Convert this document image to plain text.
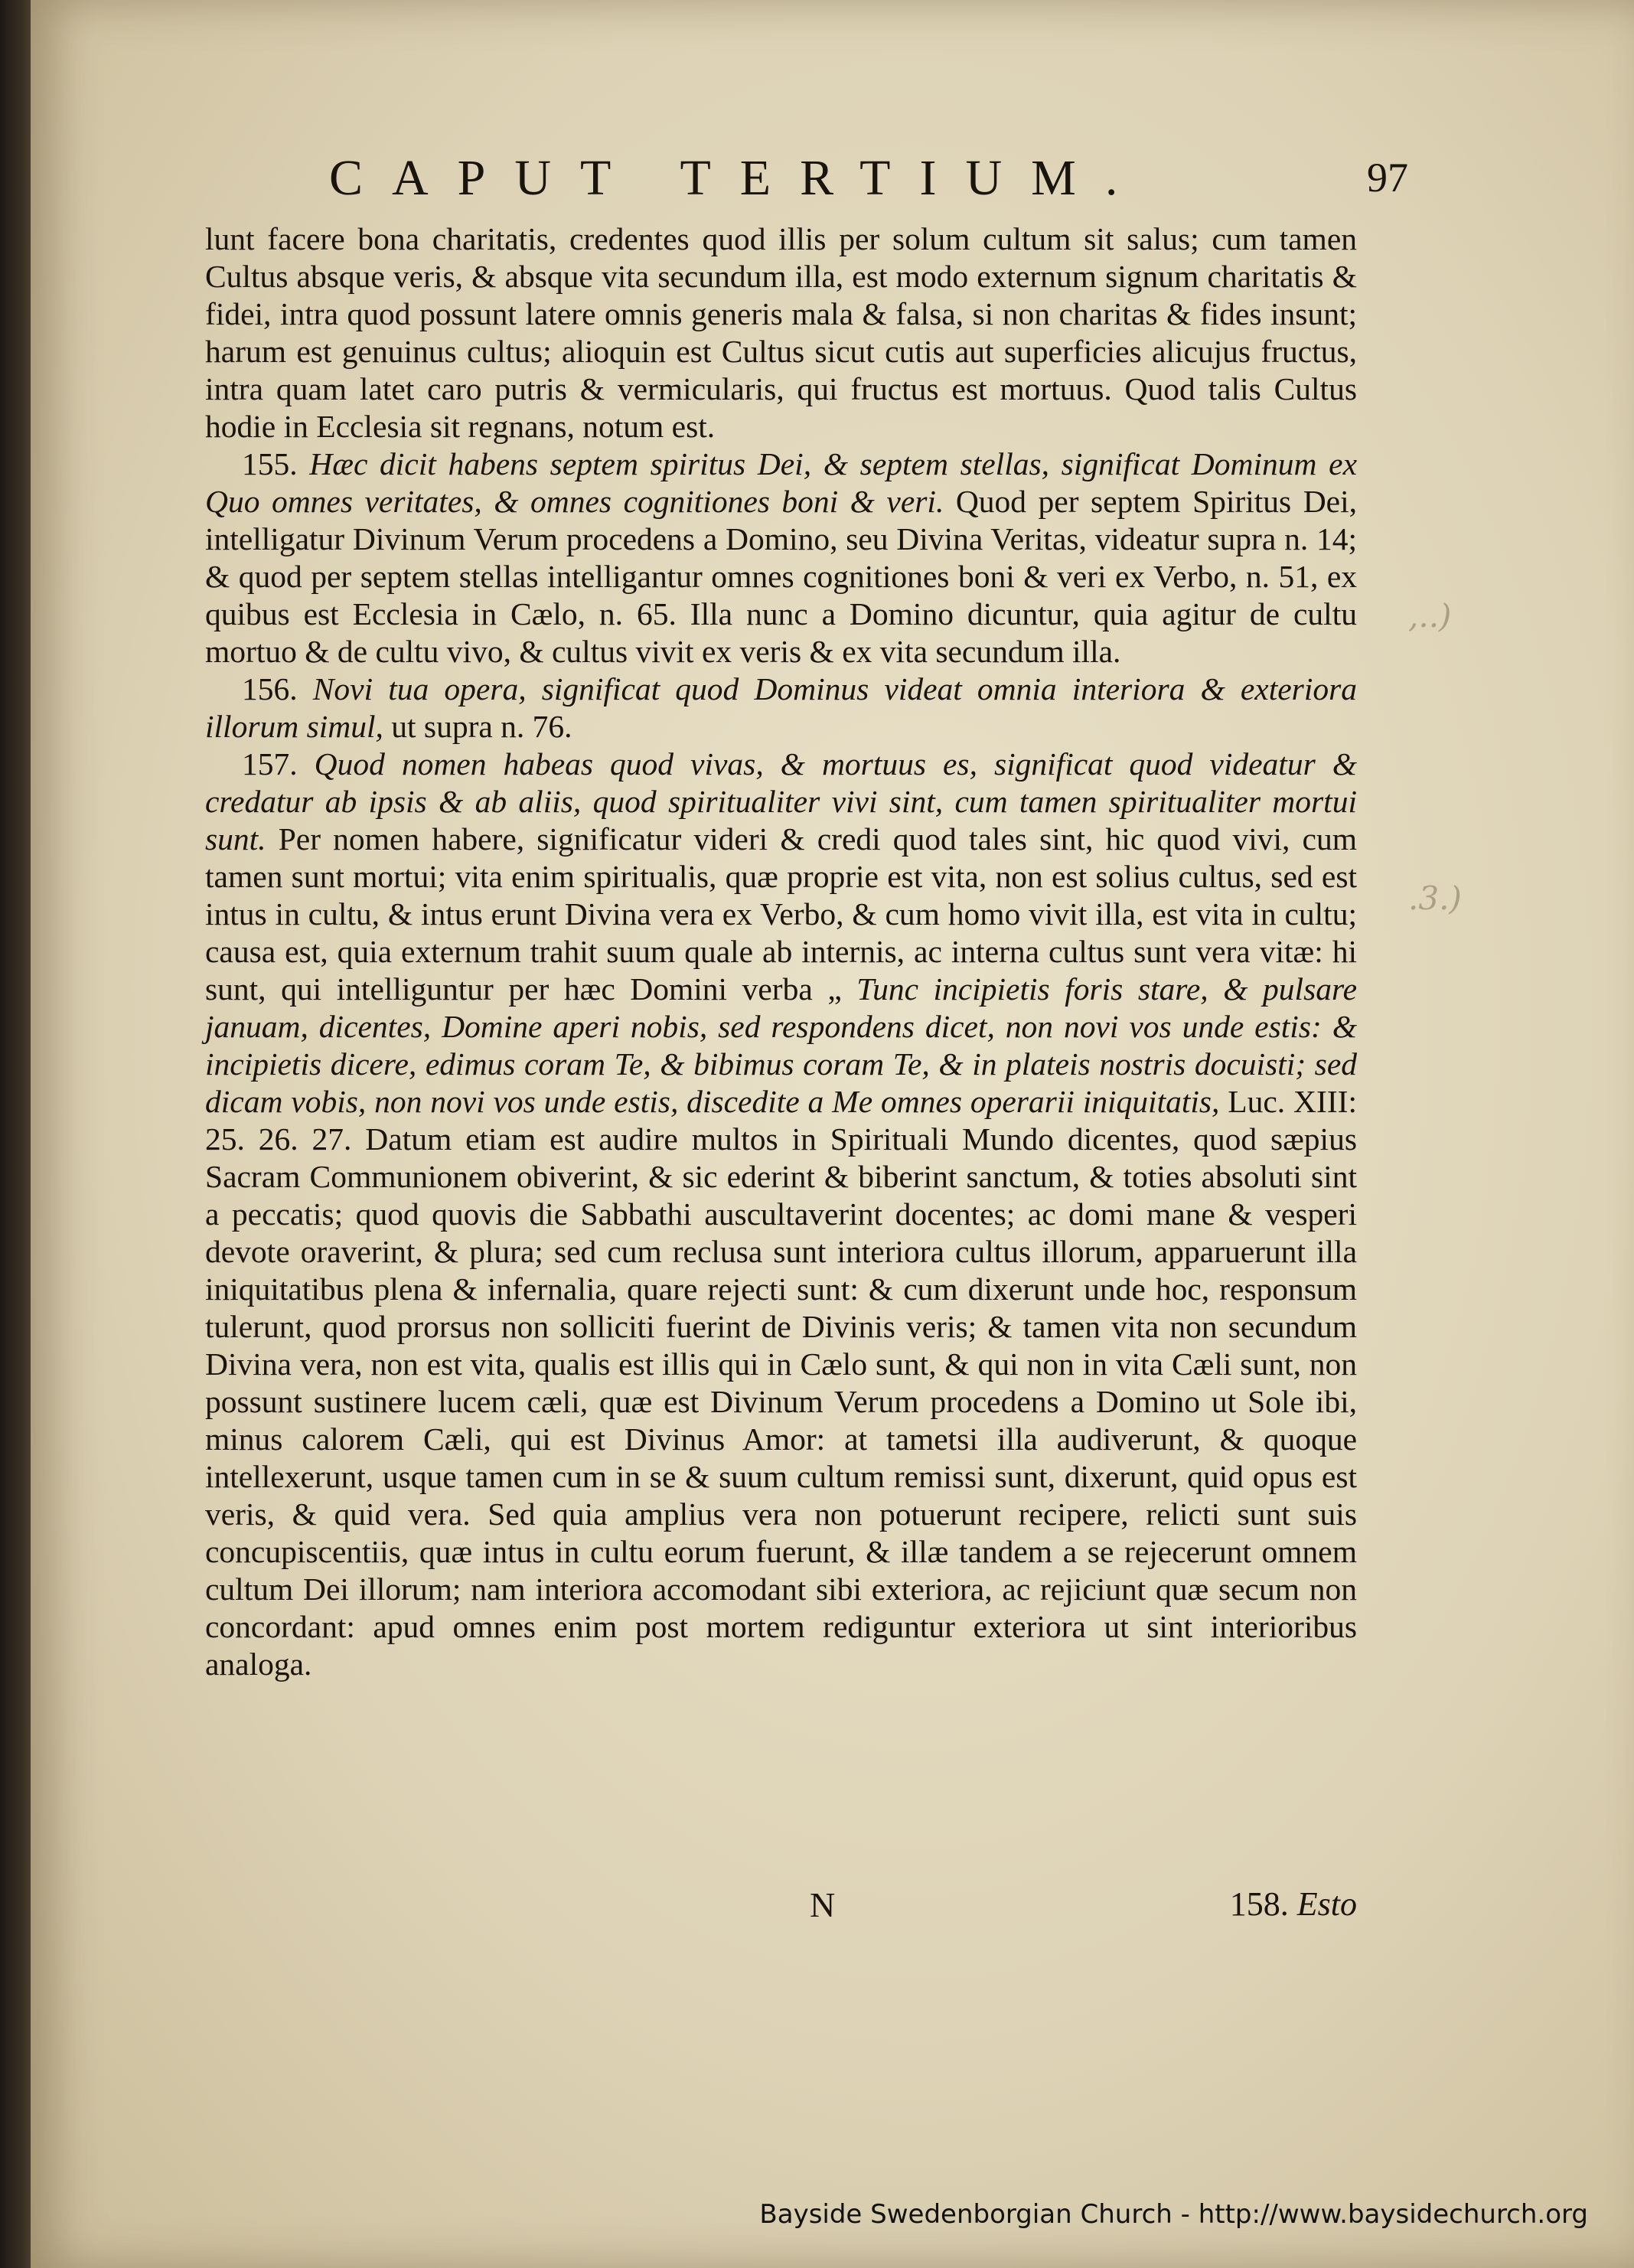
CAPUT TERTIUM.	97

lunt facere bona charitatis, credentes quod illis per solum cultum sit salus; cum tamen Cultus absque veris, & absque vita secundum illa, est modo externum signum charitatis & fidei, intra quod possunt latere omnis generis mala & falsa, si non charitas & fides insunt; harum est genuinus cultus; alioquin est Cultus sicut cutis aut superficies alicujus fructus, intra quam latet caro putris & vermicularis, qui fructus est mortuus. Quod talis Cultus hodie in Ecclesia sit regnans, notum est.

155. Hæc dicit habens septem spiritus Dei, & septem stellas, significat Dominum ex Quo omnes veritates, & omnes cognitiones boni & veri. Quod per septem Spiritus Dei, intelligatur Divinum Verum procedens a Domino, seu Divina Veritas, videatur supra n. 14; & quod per septem stellas intelligantur omnes cognitiones boni & veri ex Verbo, n. 51, ex quibus est Ecclesia in Cælo, n. 65. Illa nunc a Domino dicuntur, quia agitur de cultu mortuo & de cultu vivo, & cultus vivit ex veris & ex vita secundum illa.

156. Novi tua opera, significat quod Dominus videat omnia interiora & exteriora illorum simul, ut supra n. 76.

157. Quod nomen habeas quod vivas, & mortuus es, significat quod videatur & credatur ab ipsis & ab aliis, quod spiritualiter vivi sint, cum tamen spiritualiter mortui sunt. Per nomen habere, significatur videri & credi quod tales sint, hic quod vivi, cum tamen sunt mortui; vita enim spiritualis, quæ proprie est vita, non est solius cultus, sed est intus in cultu, & intus erunt Divina vera ex Verbo, & cum homo vivit illa, est vita in cultu; causa est, quia externum trahit suum quale ab internis, ac interna cultus sunt vera vitæ: hi sunt, qui intelliguntur per hæc Domini verba „ Tunc incipietis foris stare, & pulsare januam, dicentes, Domine aperi nobis, sed respondens dicet, non novi vos unde estis: & incipietis dicere, edimus coram Te, & bibimus coram Te, & in plateis nostris docuisti; sed dicam vobis, non novi vos unde estis, discedite a Me omnes operarii iniquitatis, Luc. XIII: 25. 26. 27. Datum etiam est audire multos in Spirituali Mundo dicentes, quod sæpius Sacram Communionem obiverint, & sic ederint & biberint sanctum, & toties absoluti sint a peccatis; quod quovis die Sabbathi auscultaverint docentes; ac domi mane & vesperi devote oraverint, & plura; sed cum reclusa sunt interiora cultus illorum, apparuerunt illa iniquitatibus plena & infernalia, quare rejecti sunt: & cum dixerunt unde hoc, responsum tulerunt, quod prorsus non solliciti fuerint de Divinis veris; & tamen vita non secundum Divina vera, non est vita, qualis est illis qui in Cælo sunt, & qui non in vita Cæli sunt, non possunt sustinere lucem cæli, quæ est Divinum Verum procedens a Domino ut Sole ibi, minus calorem Cæli, qui est Divinus Amor: at tametsi illa audiverunt, & quoque intellexerunt, usque tamen cum in se & suum cultum remissi sunt, dixerunt, quid opus est veris, & quid vera. Sed quia amplius vera non potuerunt recipere, relicti sunt suis concupiscentiis, quæ intus in cultu eorum fuerunt, & illæ tandem a se rejecerunt omnem cultum Dei illorum; nam interiora accomodant sibi exteriora, ac rejiciunt quæ secum non concordant: apud omnes enim post mortem rediguntur exteriora ut sint interioribus analoga.

N	158. Esto
,..)
.3.)
Bayside Swedenborgian Church - http://www.baysidechurch.org
